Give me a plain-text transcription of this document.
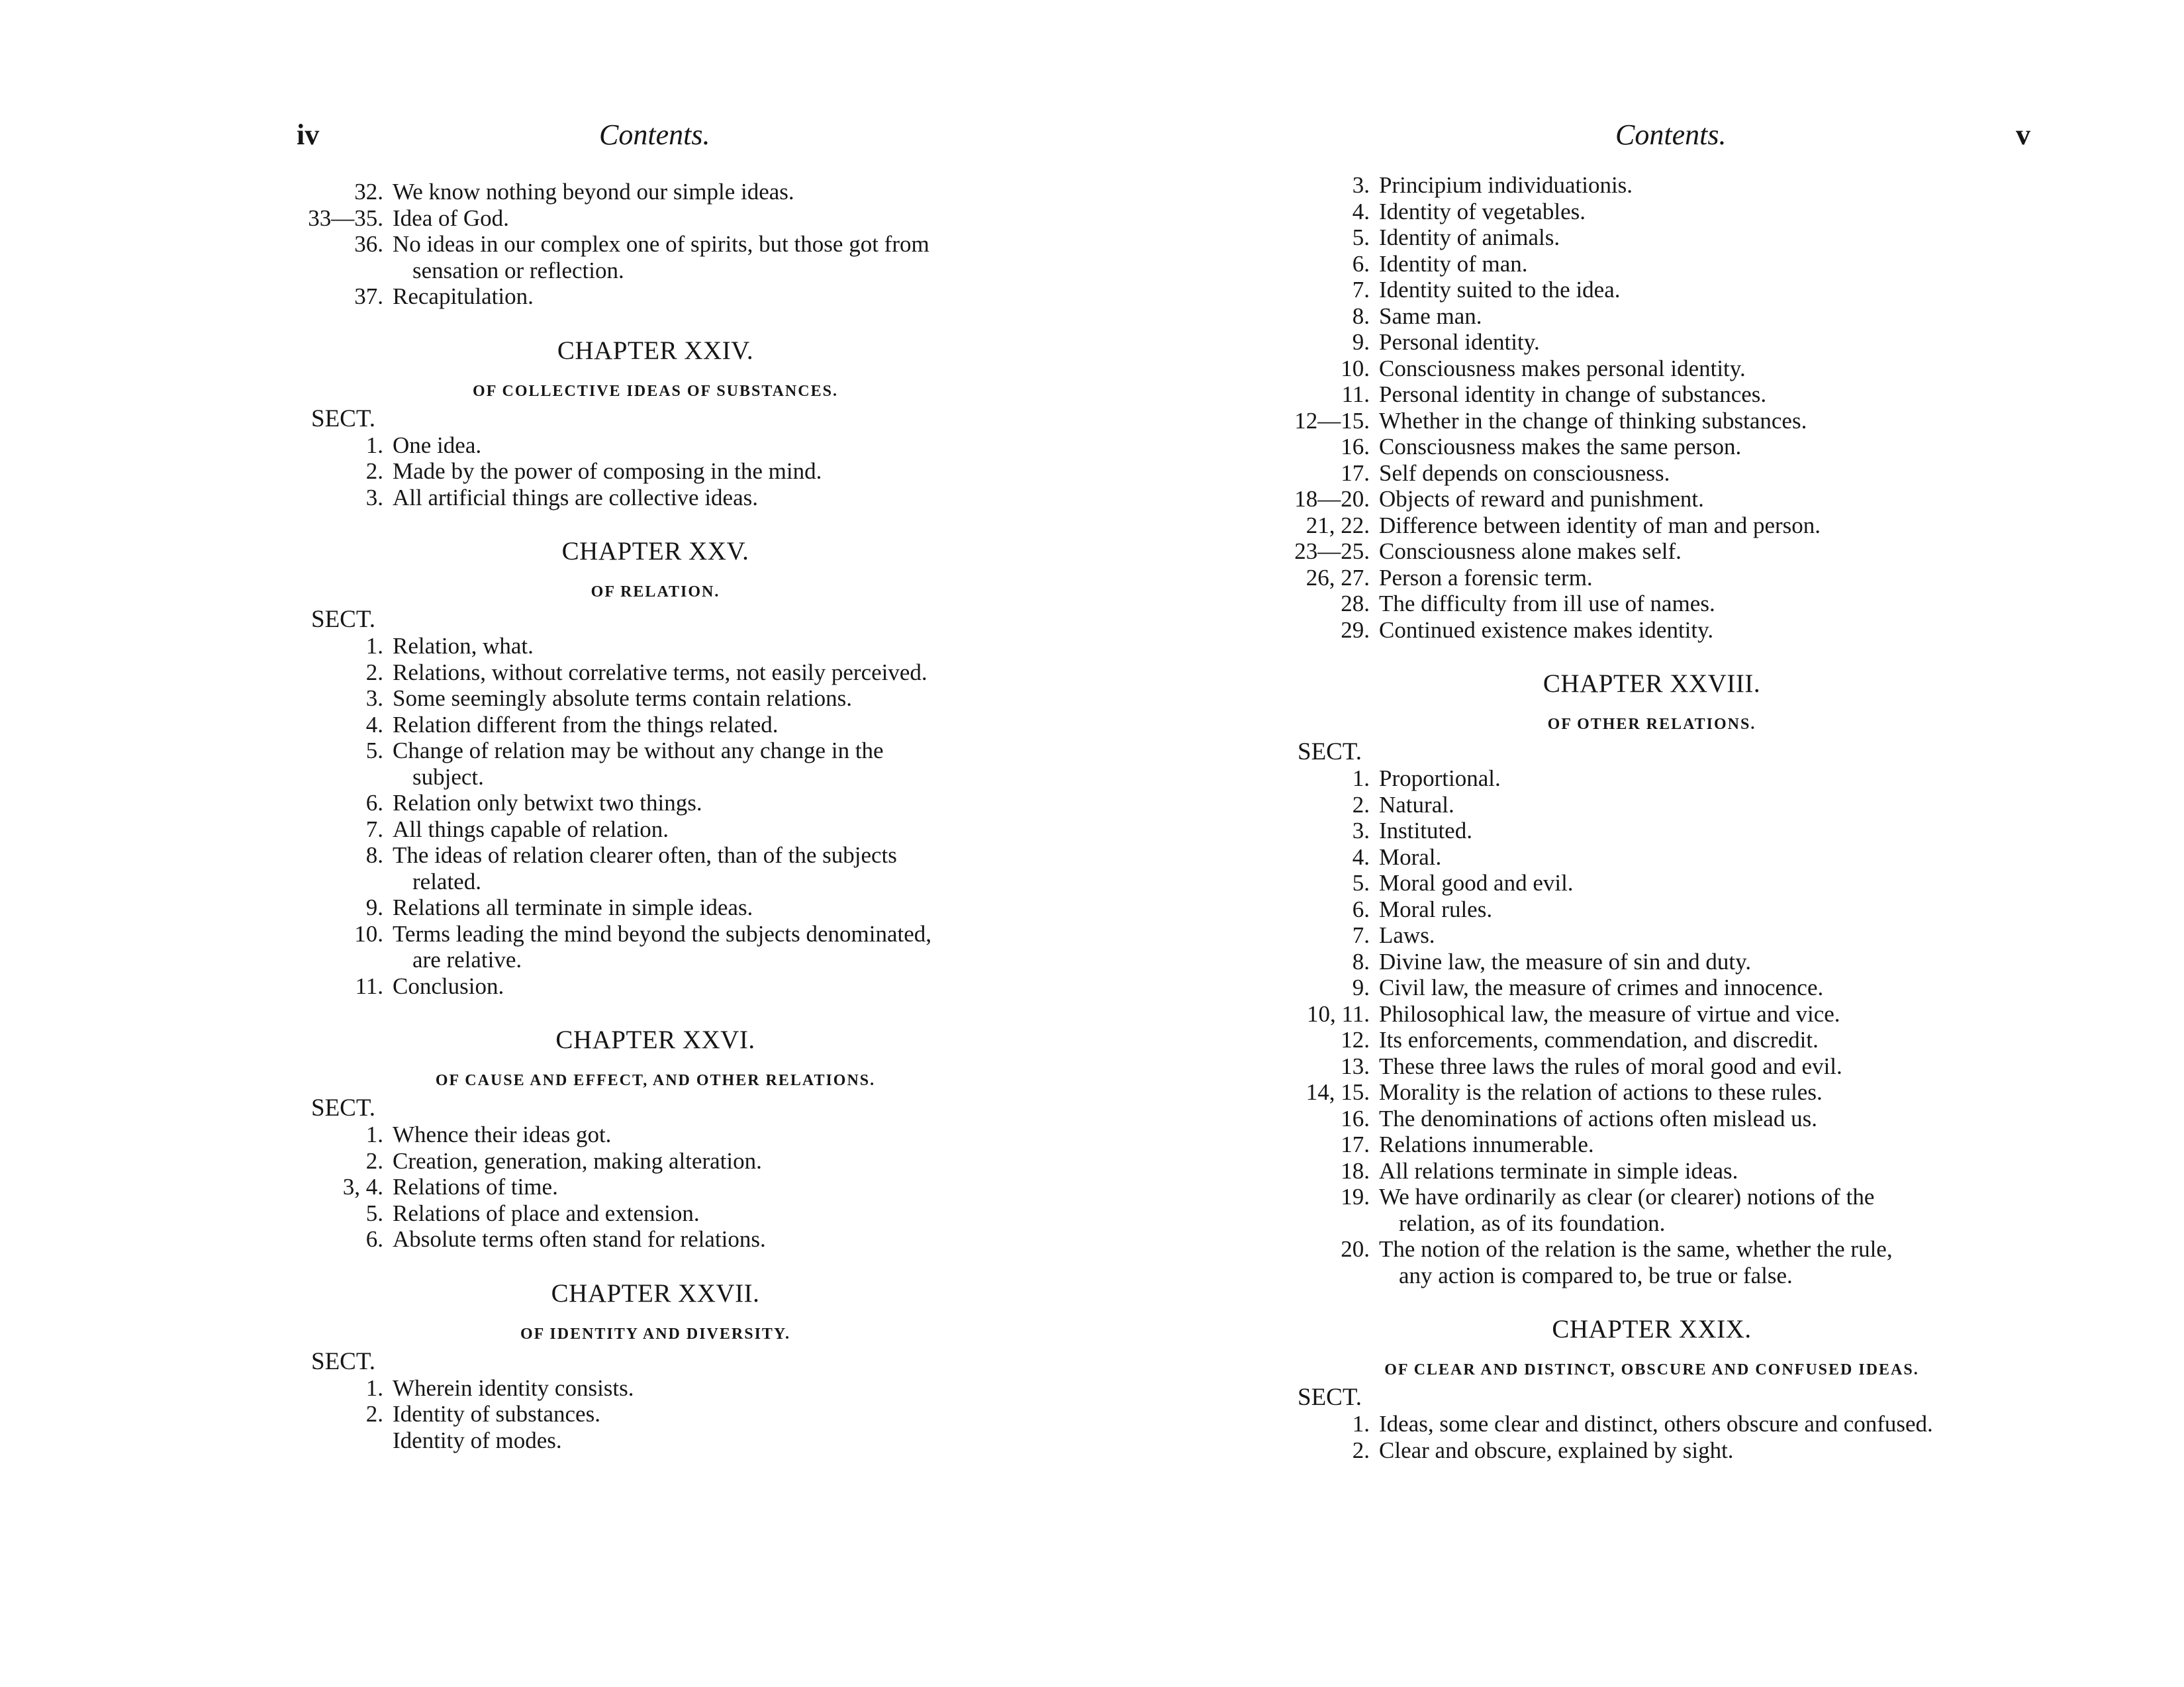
iv	Contents.
32. We know nothing beyond our simple ideas.
33—35. Idea of God.
36. No ideas in our complex one of spirits, but those got from
sensation or reflection.
37. Recapitulation.
CHAPTER XXIV.
OF COLLECTIVE IDEAS OF SUBSTANCES.
SECT.
1. One idea.
2. Made by the power of composing in the mind.
3. All artificial things are collective ideas.
CHAPTER XXV.
OF RELATION.
SECT.
1. Relation, what.
2. Relations, without correlative terms, not easily perceived.
3. Some seemingly absolute terms contain relations.
4. Relation different from the things related.
5. Change of relation may be without any change in the
subject.
6. Relation only betwixt two things.
7. All things capable of relation.
8. The ideas of relation clearer often, than of the subjects
related.
9. Relations all terminate in simple ideas.
10. Terms leading the mind beyond the subjects denominated,
are relative.
11. Conclusion.
CHAPTER XXVI.
OF CAUSE AND EFFECT, AND OTHER RELATIONS.
SECT.
1. Whence their ideas got.
2. Creation, generation, making alteration.
3, 4. Relations of time.
5. Relations of place and extension.
6. Absolute terms often stand for relations.
CHAPTER XXVII.
OF IDENTITY AND DIVERSITY.
SECT.
1. Wherein identity consists.
2. Identity of substances.
Identity of modes.
Contents.	v
3. Principium individuationis.
4. Identity of vegetables.
5. Identity of animals.
6. Identity of man.
7. Identity suited to the idea.
8. Same man.
9. Personal identity.
10. Consciousness makes personal identity.
11. Personal identity in change of substances.
12—15. Whether in the change of thinking substances.
16. Consciousness makes the same person.
17. Self depends on consciousness.
18—20. Objects of reward and punishment.
21, 22. Difference between identity of man and person.
23—25. Consciousness alone makes self.
26, 27. Person a forensic term.
28. The difficulty from ill use of names.
29. Continued existence makes identity.
CHAPTER XXVIII.
OF OTHER RELATIONS.
SECT.
1. Proportional.
2. Natural.
3. Instituted.
4. Moral.
5. Moral good and evil.
6. Moral rules.
7. Laws.
8. Divine law, the measure of sin and duty.
9. Civil law, the measure of crimes and innocence.
10, 11. Philosophical law, the measure of virtue and vice.
12. Its enforcements, commendation, and discredit.
13. These three laws the rules of moral good and evil.
14, 15. Morality is the relation of actions to these rules.
16. The denominations of actions often mislead us.
17. Relations innumerable.
18. All relations terminate in simple ideas.
19. We have ordinarily as clear (or clearer) notions of the
relation, as of its foundation.
20. The notion of the relation is the same, whether the rule,
any action is compared to, be true or false.
CHAPTER XXIX.
OF CLEAR AND DISTINCT, OBSCURE AND CONFUSED IDEAS.
SECT.
1. Ideas, some clear and distinct, others obscure and confused.
2. Clear and obscure, explained by sight.
